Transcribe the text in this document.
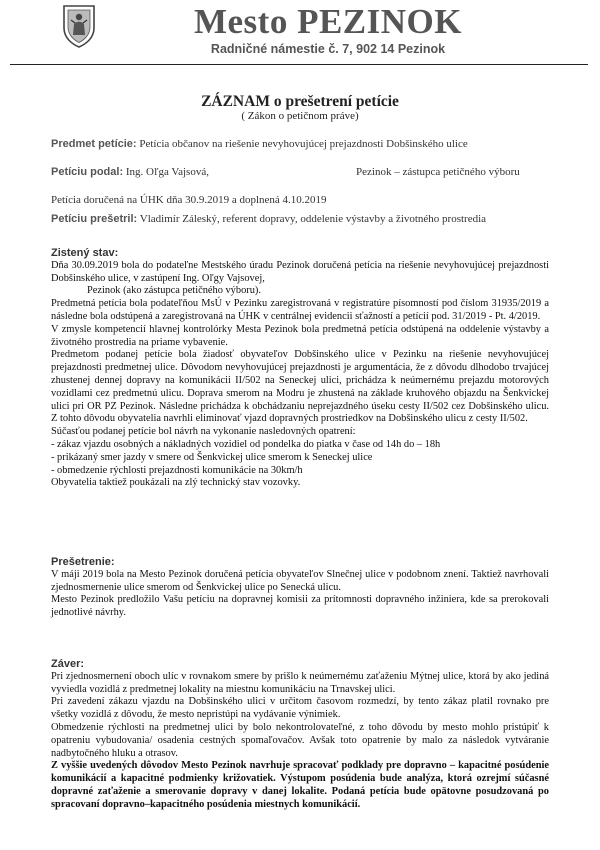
Mesto PEZINOK
Radničné námestie č. 7, 902 14 Pezinok
ZÁZNAM o prešetrení petície
( Zákon o petičnom práve)
Predmet petície: Petícia občanov na riešenie nevyhovujúcej prejazdnosti Dobšinského ulice
Petíciu podal: Ing. Oľga Vajsová,	Pezinok – zástupca petičného výboru
Petícia doručená na ÚHK dňa 30.9.2019 a doplnená 4.10.2019
Petíciu prešetril: Vladimír Záleský, referent dopravy, oddelenie výstavby a životného prostredia
Zistený stav:

Dňa 30.09.2019 bola do podateľne Mestského úradu Pezinok doručená petícia na riešenie nevyhovujúcej prejazdnosti Dobšinského ulice, v zastúpení Ing. Oľgy Vajsovej,

Pezinok (ako zástupca petičného výboru).

Predmetná petícia bola podateľňou MsÚ v Pezinku zaregistrovaná v registratúre písomností pod číslom 31935/2019 a následne bola odstúpená a zaregistrovaná na ÚHK v centrálnej evidencii sťažností a petícií pod. 31/2019 - Pt. 4/2019.

V zmysle kompetencií hlavnej kontrolórky Mesta Pezinok bola predmetná petícia odstúpená na oddelenie výstavby a životného prostredia na priame vybavenie.

Predmetom podanej petície bola žiadosť obyvateľov Dobšinského ulice v Pezinku na riešenie nevyhovujúcej prejazdnosti predmetnej ulice. Dôvodom nevyhovujúcej prejazdnosti je argumentácia, že z dôvodu dlhodobo trvajúcej zhustenej dennej dopravy na komunikácii II/502 na Seneckej ulici, prichádza k neúmernému prejazdu motorových vozidlami cez predmetnú ulicu. Doprava smerom na Modru je zhustená na základe kruhového objazdu na Šenkvickej ulici pri OR PZ Pezinok. Následne prichádza k obchádzaniu neprejazdného úseku cesty II/502 cez Dobšinského ulicu. Z tohto dôvodu obyvatelia navrhli eliminovať vjazd dopravných prostriedkov na Dobšinského ulicu z cesty II/502.

Súčasťou podanej petície bol návrh na vykonanie nasledovných opatrení:

- zákaz vjazdu osobných a nákladných vozidiel od pondelka do piatka v čase od 14h do – 18h

- prikázaný smer jazdy v smere od Šenkvickej ulice smerom k Seneckej ulice

- obmedzenie rýchlosti prejazdnosti komunikácie na 30km/h

Obyvatelia taktiež poukázali na zlý technický stav vozovky.

Prešetrenie:

V máji 2019 bola na Mesto Pezinok doručená petícia obyvateľov Slnečnej ulice v podobnom znení. Taktiež navrhovali zjednosmernenie ulice smerom od Šenkvickej ulice po Senecká ulicu.

Mesto Pezinok predložilo Vašu petíciu na dopravnej komisii za prítomnosti dopravného inžiniera, kde sa prerokovali jednotlivé návrhy.

Záver:

Pri zjednosmernení oboch ulíc v rovnakom smere by prišlo k neúmernému zaťaženiu Mýtnej ulice, ktorá by ako jediná vyviedla vozidlá z predmetnej lokality na miestnu komunikáciu na Trnavskej ulici.

Pri zavedení zákazu vjazdu na Dobšinského ulici v určitom časovom rozmedzí, by tento zákaz platil rovnako pre všetky vozidlá z dôvodu, že mesto nepristúpi na vydávanie výnimiek.

Obmedzenie rýchlosti na predmetnej ulici by bolo nekontrolovateľné, z toho dôvodu by mesto mohlo pristúpiť k opatreniu vybudovania/ osadenia cestných spomaľovačov. Avšak toto opatrenie by malo za následok vytváranie nadbytočného hluku a otrasov.

Z vyššie uvedených dôvodov Mesto Pezinok navrhuje spracovať podklady pre dopravno – kapacitné posúdenie komunikácií a kapacitné podmienky križovatiek. Výstupom posúdenia bude analýza, ktorá ozrejmí súčasné dopravné zaťaženie a smerovanie dopravy v danej lokalite. Podaná petícia bude opätovne posudzovaná po spracovaní dopravno–kapacitného posúdenia miestnych komunikácií.
